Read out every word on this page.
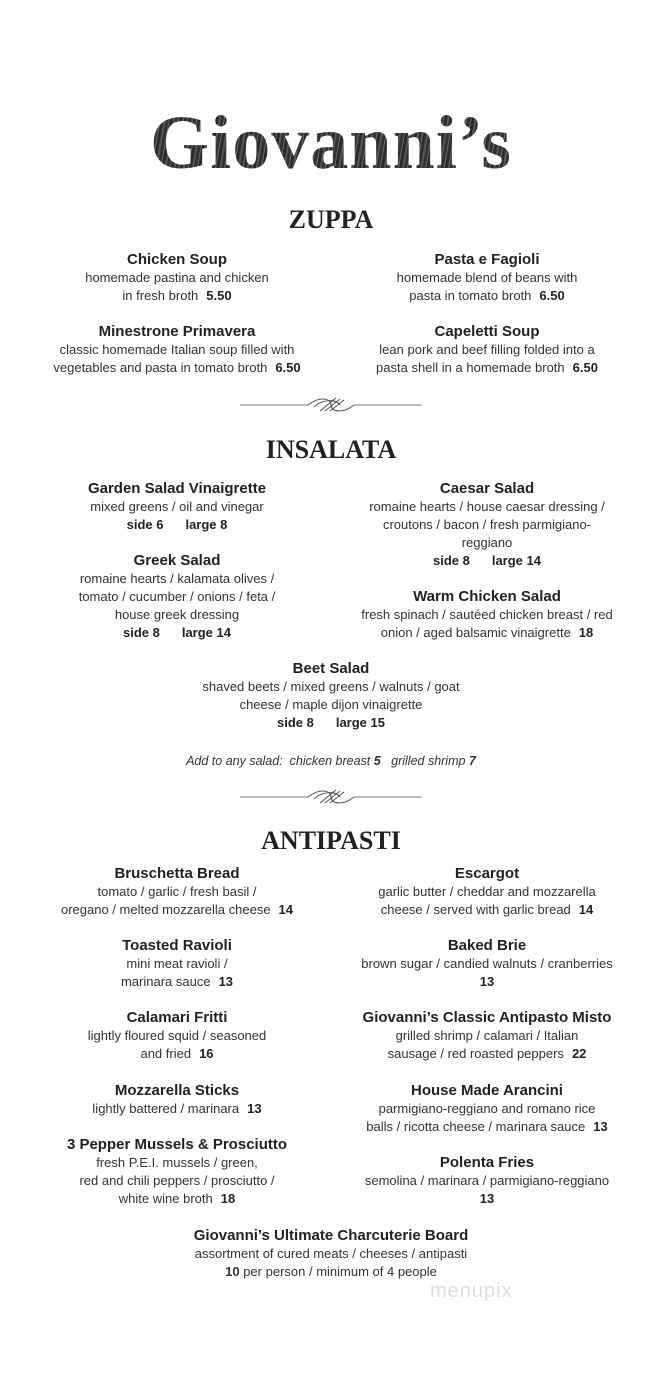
Giovanni’s
ZUPPA
INSALATA
ANTIPASTI
Add to any salad: chicken breast 5 grilled shrimp 7
menupix
Chicken Soup
homemade pastina and chicken
in fresh broth 5.50
Pasta e Fagioli
homemade blend of beans with
pasta in tomato broth 6.50
Minestrone Primavera
classic homemade Italian soup filled with
vegetables and pasta in tomato broth 6.50
Capeletti Soup
lean pork and beef filling folded into a
pasta shell in a homemade broth 6.50
Garden Salad Vinaigrette
mixed greens / oil and vinegar
side 6 large 8
Caesar Salad
romaine hearts / house caesar dressing /
croutons / bacon / fresh parmigiano-
reggiano
side 8 large 14
Greek Salad
romaine hearts / kalamata olives /
tomato / cucumber / onions / feta /
house greek dressing
side 8 large 14
Warm Chicken Salad
fresh spinach / sautéed chicken breast / red
onion / aged balsamic vinaigrette 18
Beet Salad
shaved beets / mixed greens / walnuts / goat
cheese / maple dijon vinaigrette
side 8 large 15
Bruschetta Bread
tomato / garlic / fresh basil /
oregano / melted mozzarella cheese 14
Escargot
garlic butter / cheddar and mozzarella
cheese / served with garlic bread 14
Toasted Ravioli
mini meat ravioli /
marinara sauce 13
Baked Brie
brown sugar / candied walnuts / cranberries
13
Calamari Fritti
lightly floured squid / seasoned
and fried 16
Giovanni’s Classic Antipasto Misto
grilled shrimp / calamari / Italian
sausage / red roasted peppers 22
Mozzarella Sticks
lightly battered / marinara 13
House Made Arancini
parmigiano-reggiano and romano rice
balls / ricotta cheese / marinara sauce 13
3 Pepper Mussels & Prosciutto
fresh P.E.I. mussels / green,
red and chili peppers / prosciutto /
white wine broth 18
Polenta Fries
semolina / marinara / parmigiano-reggiano
13
Giovanni’s Ultimate Charcuterie Board
assortment of cured meats / cheeses / antipasti
10 per person / minimum of 4 people
